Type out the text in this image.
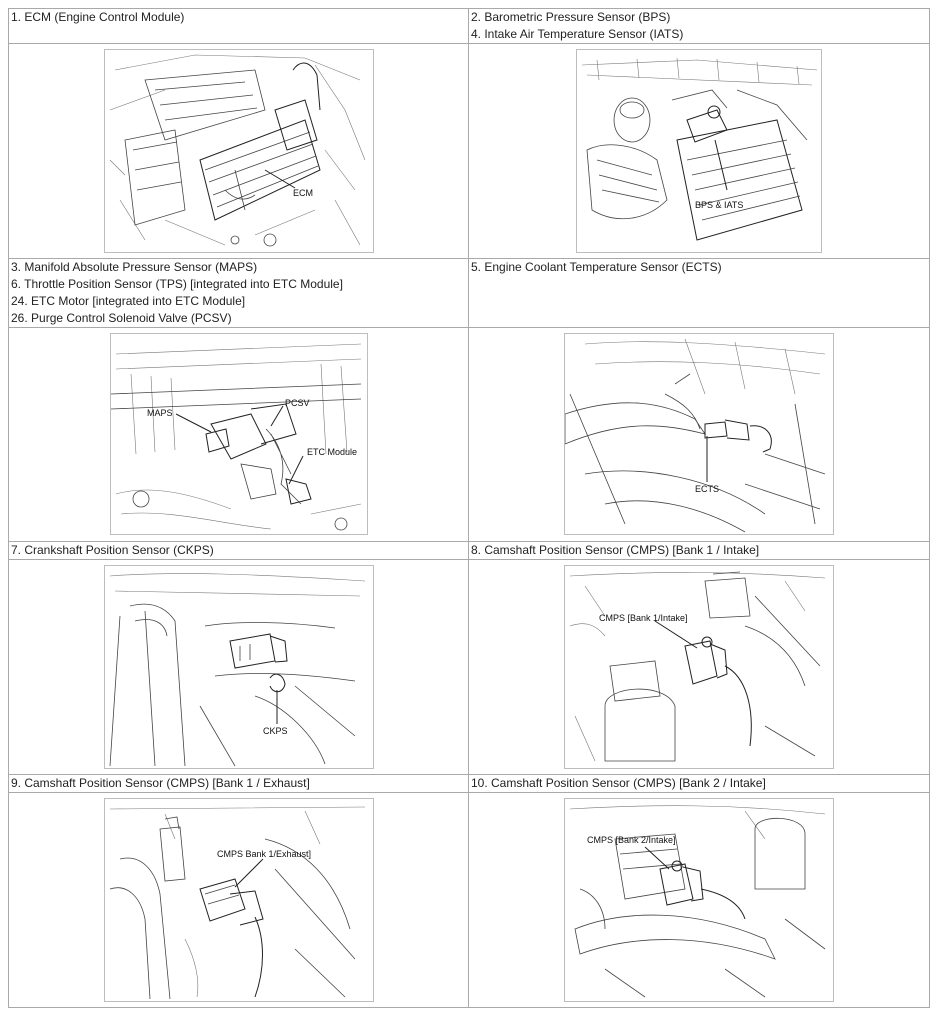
1. ECM (Engine Control Module)	2. Barometric Pressure Sensor (BPS)
4. Intake Air Temperature Sensor (IATS)

ECM	BPS & IATS

3. Manifold Absolute Pressure Sensor (MAPS)
6. Throttle Position Sensor (TPS) [integrated into ETC Module]
24. ETC Motor [integrated into ETC Module]
26. Purge Control Solenoid Valve (PCSV)	5. Engine Coolant Temperature Sensor (ECTS)

MAPS
PCSV
ETC Module	ECTS

7. Crankshaft Position Sensor (CKPS)	8. Camshaft Position Sensor (CMPS) [Bank 1 / Intake]

CKPS	CMPS [Bank 1/Intake]

9. Camshaft Position Sensor (CMPS) [Bank 1 / Exhaust]	10. Camshaft Position Sensor (CMPS) [Bank 2 / Intake]

CMPS Bank 1/Exhaust]	CMPS [Bank 2/Intake]
